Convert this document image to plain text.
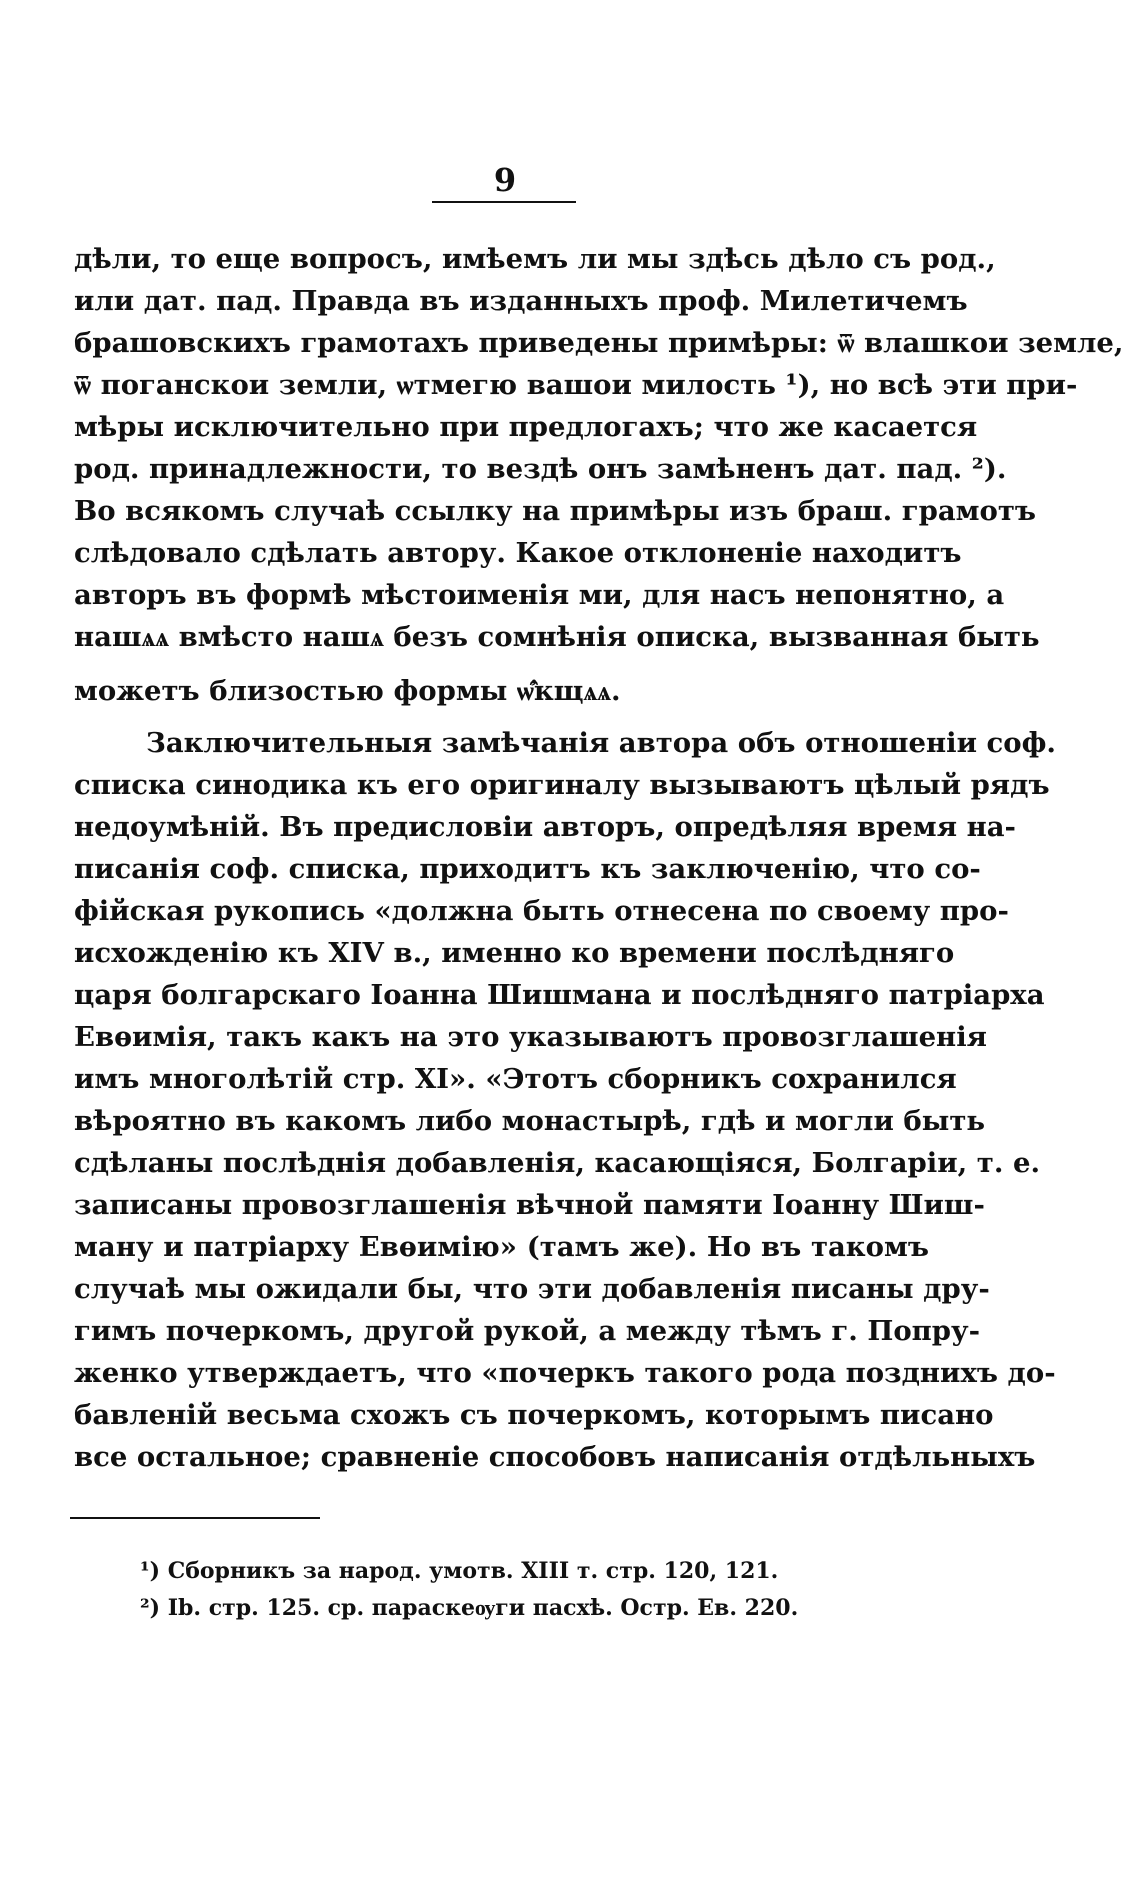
9
дѣли, то еще вопросъ, имѣемъ ли мы здѣсь дѣло съ род.,
или дат. пад. Правда въ изданныхъ проф. Милетичемъ
брашовскихъ грамотахъ приведены примѣры: ѿ влашкои земле,
ѿ поганскои земли, ѡтмегю вашои милость ¹), но всѣ эти при-
мѣры исключительно при предлогахъ; что же касается
род. принадлежности, то вездѣ онъ замѣненъ дат. пад. ²).
Во всякомъ случаѣ ссылку на примѣры изъ браш. грамотъ
слѣдовало сдѣлать автору. Какое отклоненіе находитъ
авторъ въ формѣ мѣстоименія ми, для насъ непонятно, а
нашѧѧ вмѣсто нашѧ безъ сомнѣнія описка, вызванная быть
можетъ близостью формы ѡ̓̑кщѧѧ.
Заключительныя замѣчанія автора объ отношеніи соф.
списка синодика къ его оригиналу вызываютъ цѣлый рядъ
недоумѣній. Въ предисловіи авторъ, опредѣляя время на-
писанія соф. списка, приходитъ къ заключенію, что со-
фійская рукопись «должна быть отнесена по своему про-
исхожденію къ XIV в., именно ко времени послѣдняго
царя болгарскаго Іоанна Шишмана и послѣдняго патріарха
Евѳимія, такъ какъ на это указываютъ провозглашенія
имъ многолѣтій стр. XI». «Этотъ сборникъ сохранился
вѣроятно въ какомъ либо монастырѣ, гдѣ и могли быть
сдѣланы послѣднія добавленія, касающіяся, Болгаріи, т. е.
записаны провозглашенія вѣчной памяти Іоанну Шиш-
ману и патріарху Евѳимію» (тамъ же). Но въ такомъ
случаѣ мы ожидали бы, что эти добавленія писаны дру-
гимъ почеркомъ, другой рукой, а между тѣмъ г. Попру-
женко утверждаетъ, что «почеркъ такого рода позднихъ до-
бавленій весьма схожъ съ почеркомъ, которымъ писано
все остальное; сравненіе способовъ написанія отдѣльныхъ
¹) Сборникъ за народ. умотв. XIII т. стр. 120, 121.
²) Ib. стр. 125. ср. параскеѹги пасхѣ. Остр. Ев. 220.
